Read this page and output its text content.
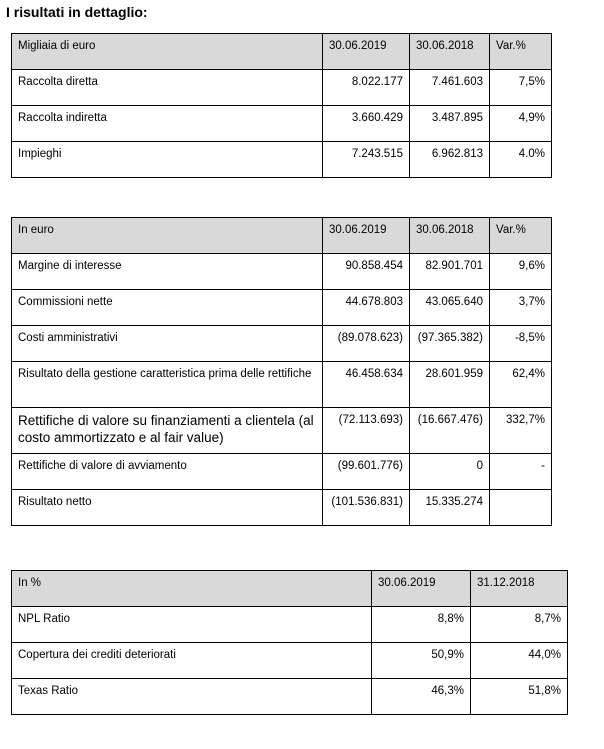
I risultati in dettaglio:
Migliaia di euro	30.06.2019	30.06.2018	Var.%
Raccolta diretta	8.022.177	7.461.603	7,5%
Raccolta indiretta	3.660.429	3.487.895	4,9%
Impieghi	7.243.515	6.962.813	4.0%
In euro	30.06.2019	30.06.2018	Var.%
Margine di interesse	90.858.454	82.901.701	9,6%
Commissioni nette	44.678.803	43.065.640	3,7%
Costi amministrativi	(89.078.623)	(97.365.382)	-8,5%
Risultato della gestione caratteristica prima delle rettifiche	46.458.634	28.601.959	62,4%
Rettifiche di valore su finanziamenti a clientela (al costo ammortizzato e al fair value)	(72.113.693)	(16.667.476)	332,7%
Rettifiche di valore di avviamento	(99.601.776)	0	-
Risultato netto	(101.536.831)	15.335.274	
In %	30.06.2019	31.12.2018
NPL Ratio	8,8%	8,7%
Copertura dei crediti deteriorati	50,9%	44,0%
Texas Ratio	46,3%	51,8%
